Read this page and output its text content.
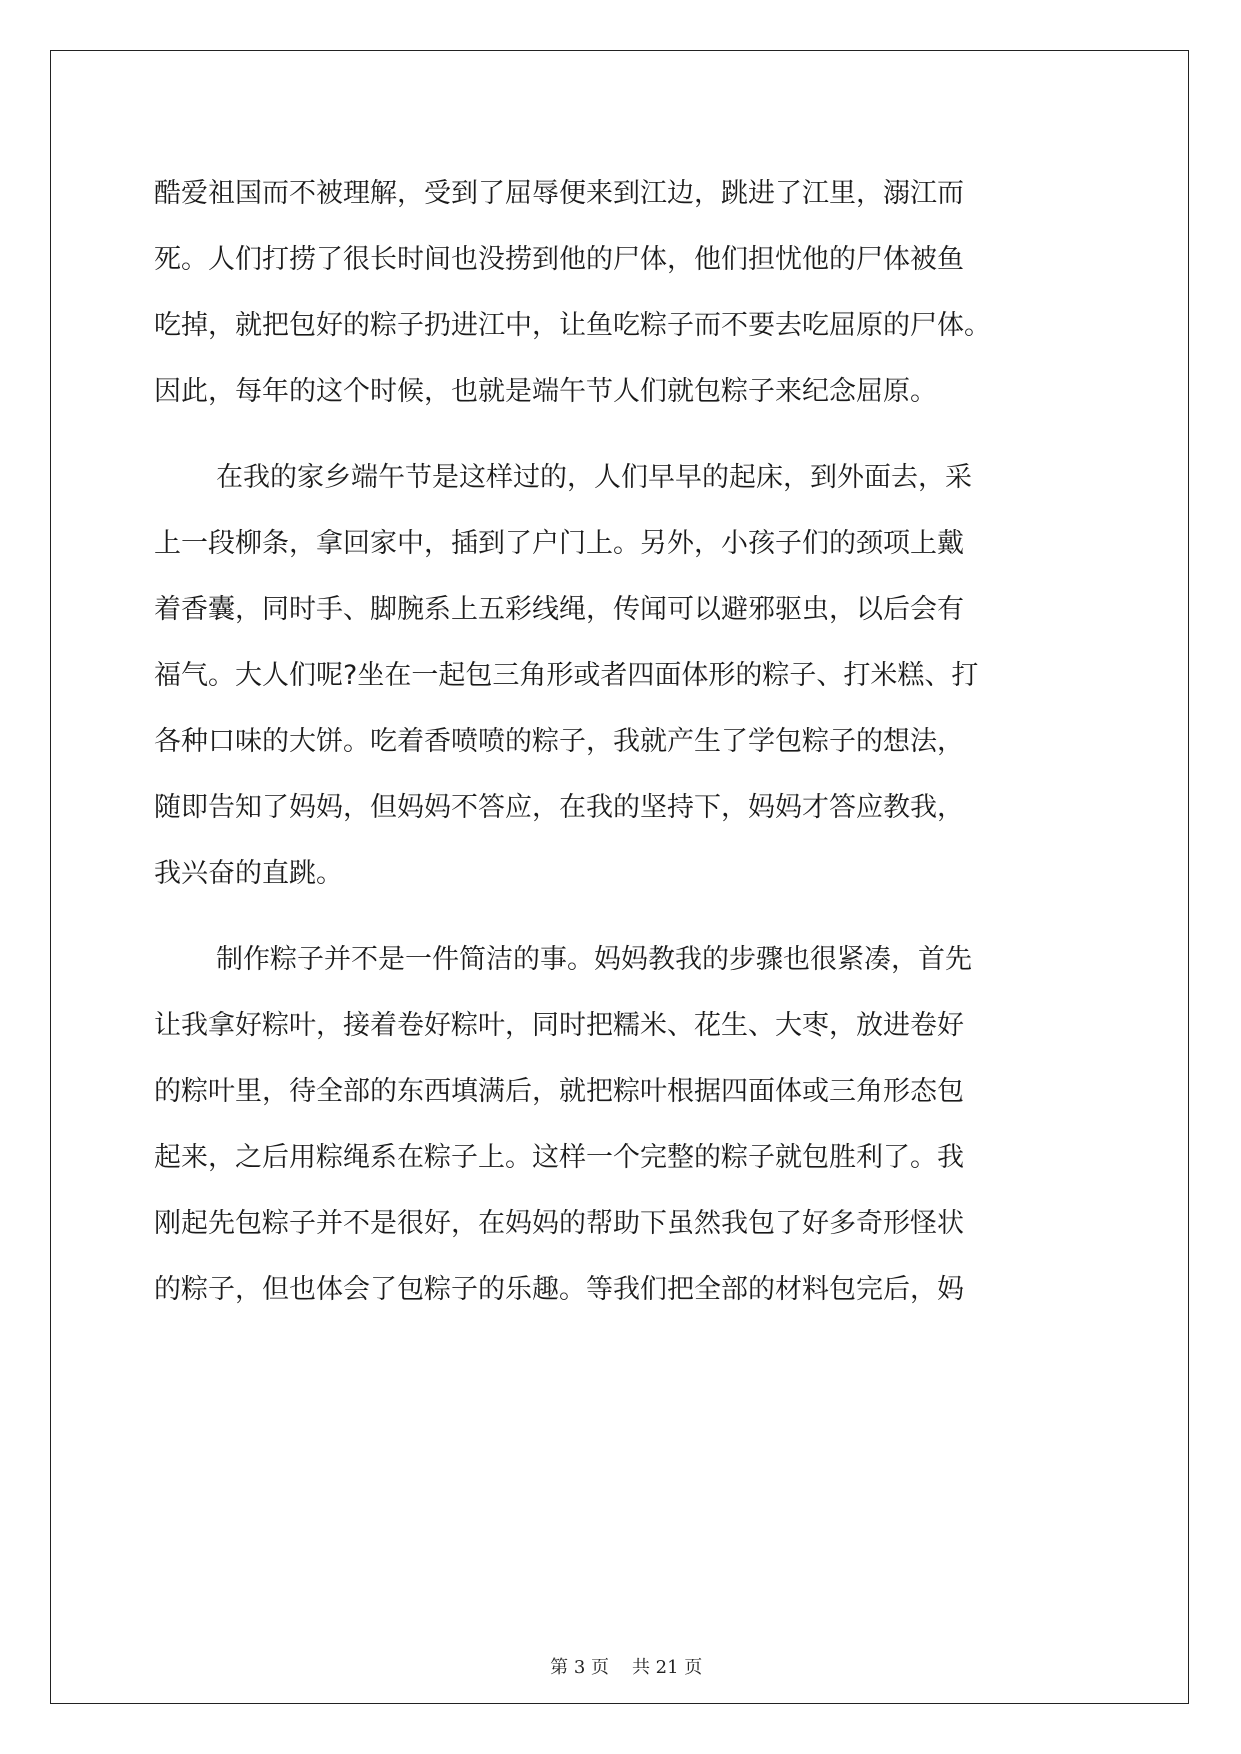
酷爱祖国而不被理解，受到了屈辱便来到江边，跳进了江里，溺江而
死。人们打捞了很长时间也没捞到他的尸体，他们担忧他的尸体被鱼
吃掉，就把包好的粽子扔进江中，让鱼吃粽子而不要去吃屈原的尸体。
因此，每年的这个时候，也就是端午节人们就包粽子来纪念屈原。
在我的家乡端午节是这样过的，人们早早的起床，到外面去，采
上一段柳条，拿回家中，插到了户门上。另外，小孩子们的颈项上戴
着香囊，同时手、脚腕系上五彩线绳，传闻可以避邪驱虫，以后会有
福气。大人们呢?坐在一起包三角形或者四面体形的粽子、打米糕、打
各种口味的大饼。吃着香喷喷的粽子，我就产生了学包粽子的想法，
随即告知了妈妈，但妈妈不答应，在我的坚持下，妈妈才答应教我，
我兴奋的直跳。
制作粽子并不是一件简洁的事。妈妈教我的步骤也很紧凑，首先
让我拿好粽叶，接着卷好粽叶，同时把糯米、花生、大枣，放进卷好
的粽叶里，待全部的东西填满后，就把粽叶根据四面体或三角形态包
起来，之后用粽绳系在粽子上。这样一个完整的粽子就包胜利了。我
刚起先包粽子并不是很好，在妈妈的帮助下虽然我包了好多奇形怪状
的粽子，但也体会了包粽子的乐趣。等我们把全部的材料包完后，妈

第 3 页 共 21 页
